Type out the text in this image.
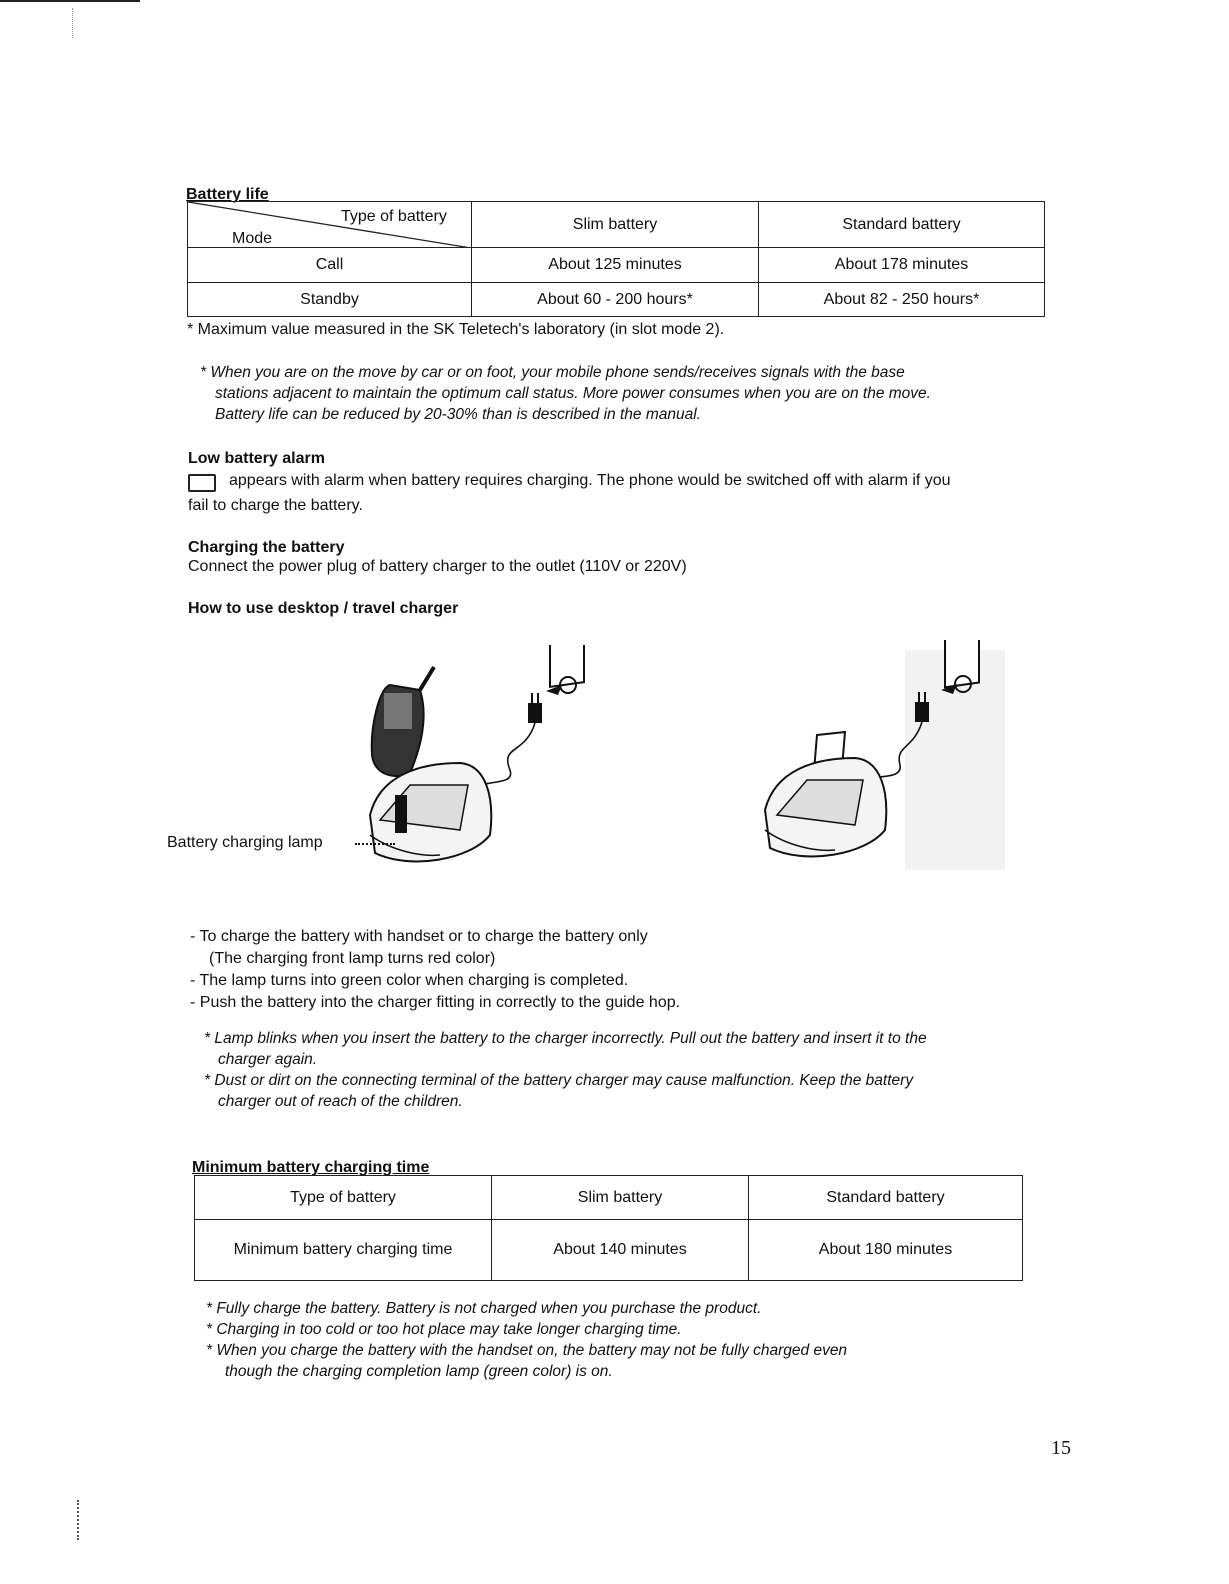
Battery life
Type of battery
Mode	Slim battery	Standard battery
Call	About 125 minutes	About 178 minutes
Standby	About 60 - 200 hours*	About 82 - 250 hours*
* Maximum value measured in the SK Teletech's laboratory (in slot mode 2).
* When you are on the move by car or on foot, your mobile phone sends/receives signals with the base
stations adjacent to maintain the optimum call status. More power consumes when you are on the move.
Battery life can be reduced by 20-30% than is described in the manual.
Low battery alarm
appears with alarm when battery requires charging. The phone would be switched off with alarm if you
fail to charge the battery.
Charging the battery
Connect the power plug of battery charger to the outlet (110V or 220V)
How to use desktop / travel charger
Battery charging lamp
- To charge the battery with handset or to charge the battery only
(The charging front lamp turns red color)
- The lamp turns into green color when charging is completed.
- Push the battery into the charger fitting in correctly to the guide hop.
* Lamp blinks when you insert the battery to the charger incorrectly. Pull out the battery and insert it to the
charger again.
* Dust or dirt on the connecting terminal of the battery charger may cause malfunction. Keep the battery
charger out of reach of the children.
Minimum battery charging time
Type of battery	Slim battery	Standard battery
Minimum battery charging time	About 140 minutes	About 180 minutes
* Fully charge the battery. Battery is not charged when you purchase the product.
* Charging in too cold or too hot place may take longer charging time.
* When you charge the battery with the handset on, the battery may not be fully charged even
though the charging completion lamp (green color) is on.
15
